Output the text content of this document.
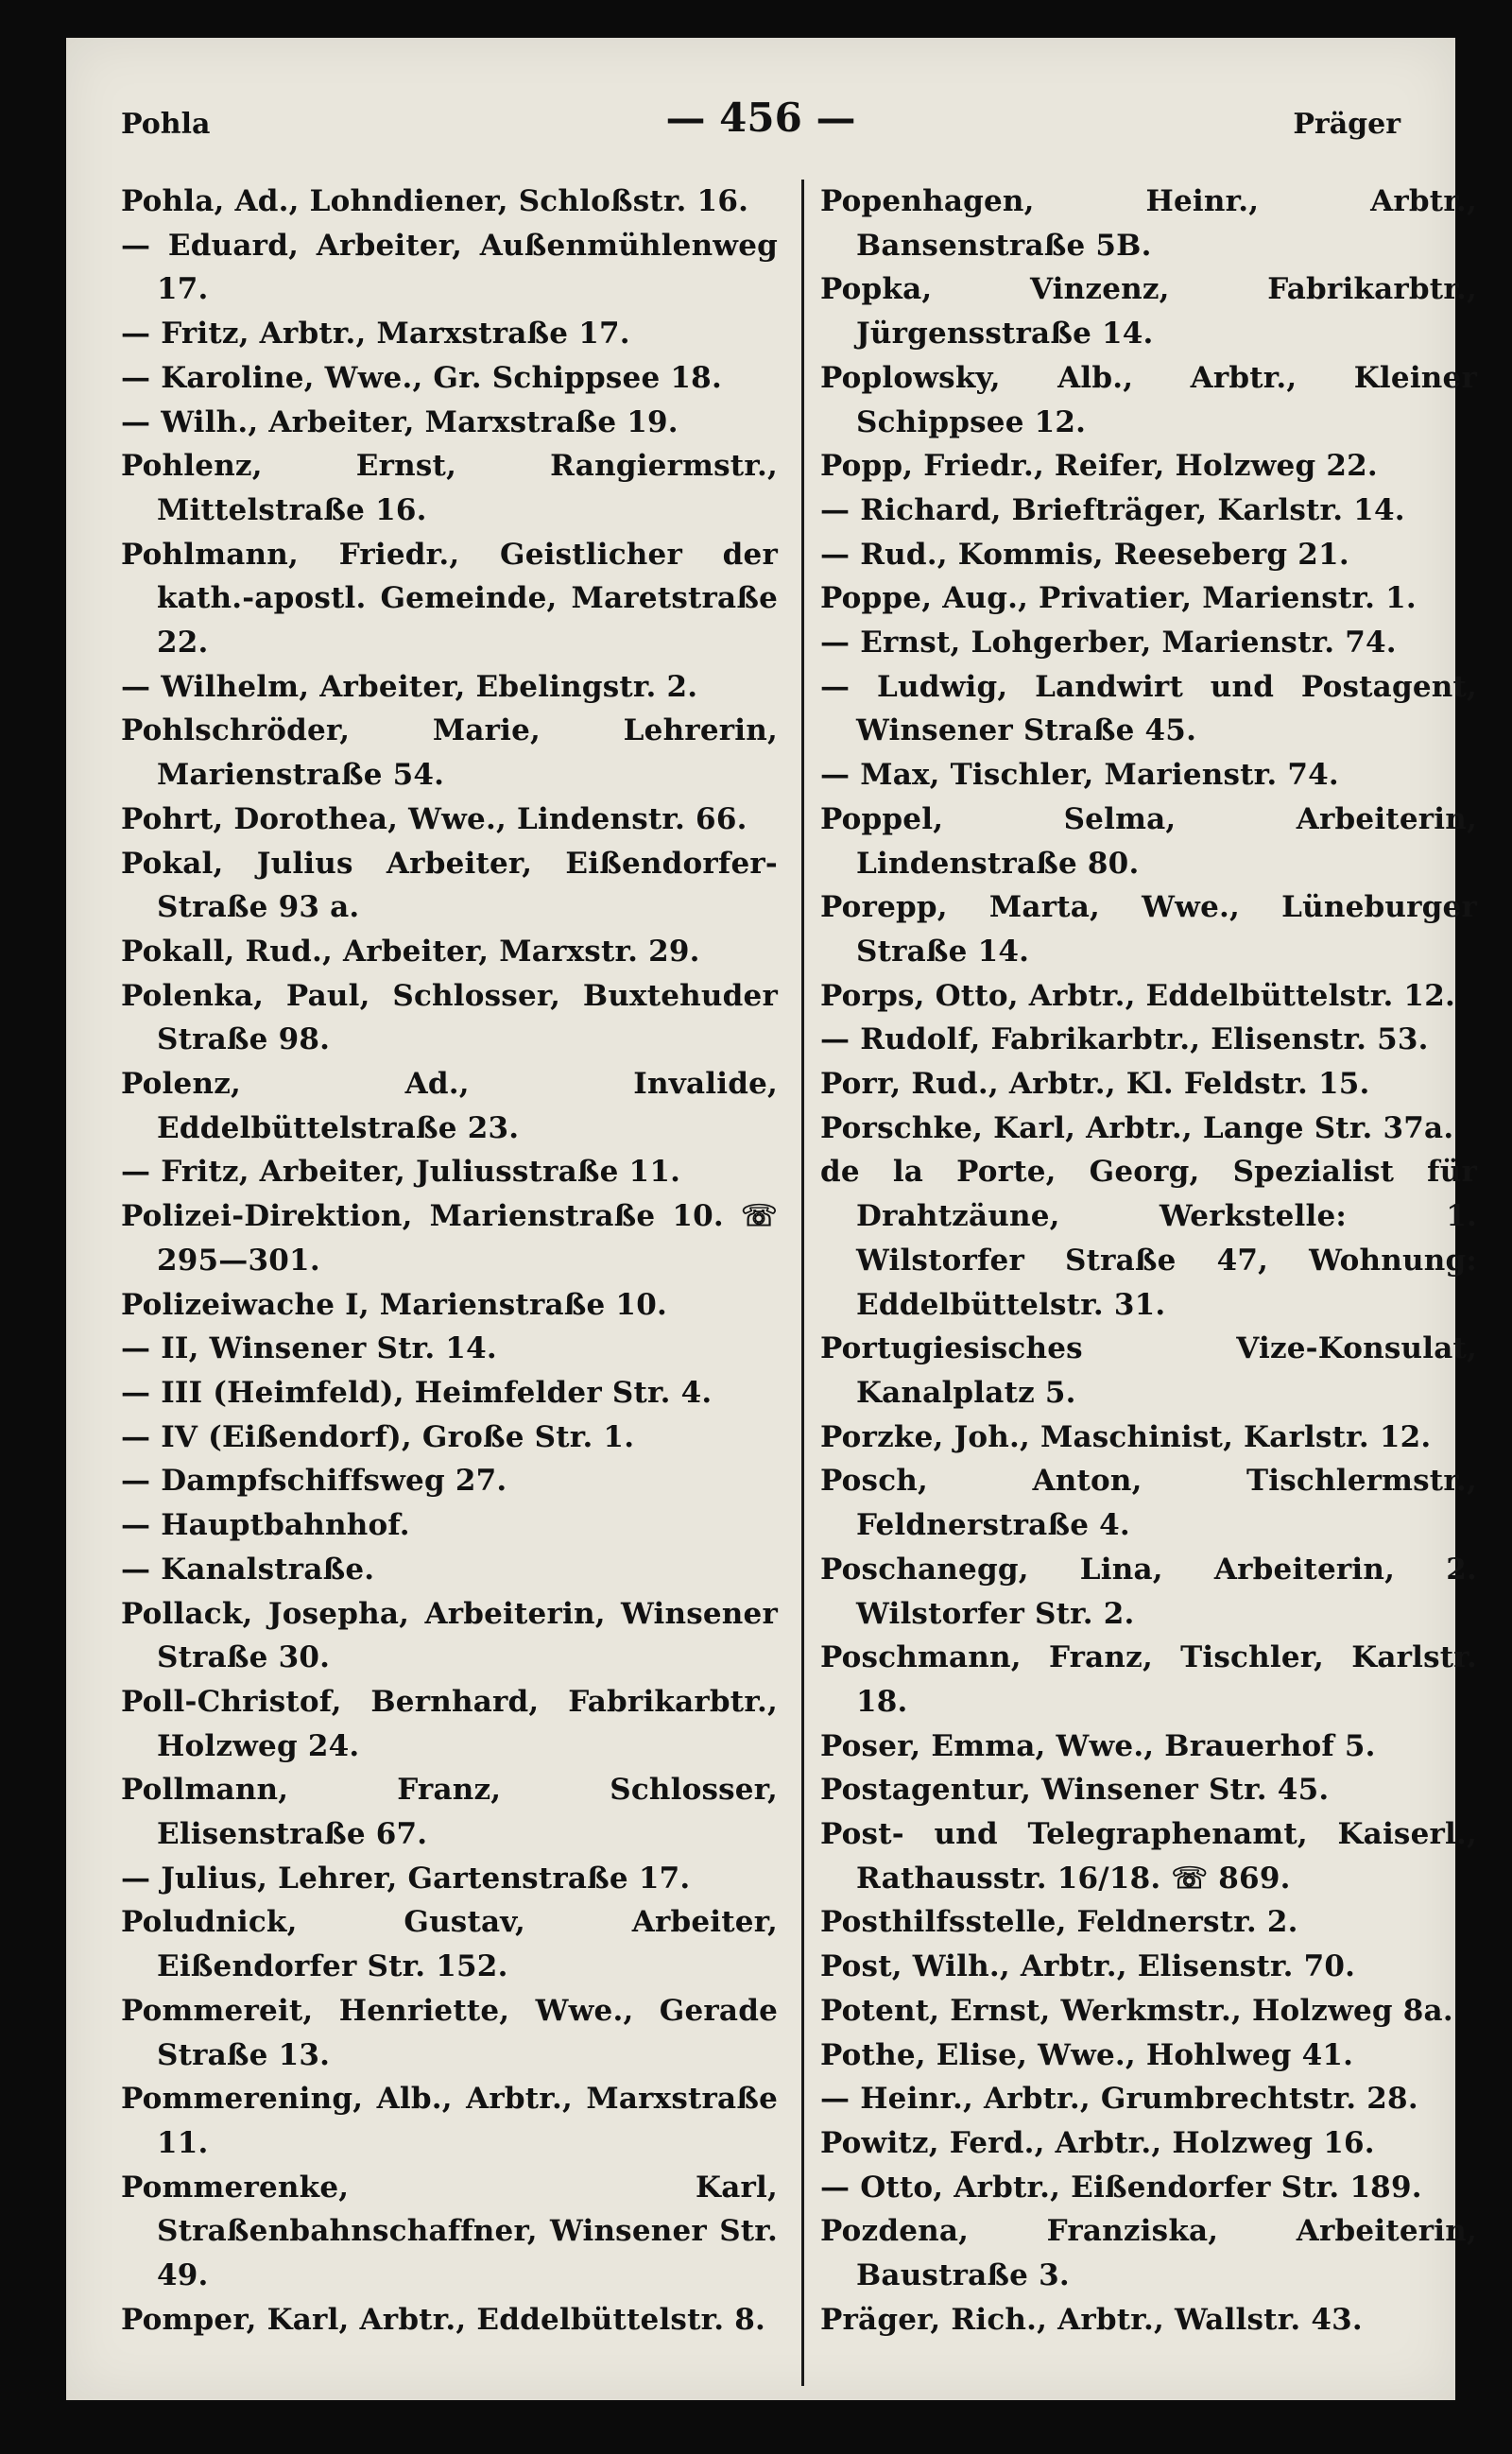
Pohla	— 456 —	Präger
Pohla, Ad., Lohndiener, Schloßstr. 16.
— Eduard, Arbeiter, Außenmühlenweg 17.
— Fritz, Arbtr., Marxstraße 17.
— Karoline, Wwe., Gr. Schippsee 18.
— Wilh., Arbeiter, Marxstraße 19.
Pohlenz, Ernst, Rangiermstr., Mittelstraße 16.
Pohlmann, Friedr., Geistlicher der kath.-apostl. Gemeinde, Maretstraße 22.
— Wilhelm, Arbeiter, Ebelingstr. 2.
Pohlschröder, Marie, Lehrerin, Marienstraße 54.
Pohrt, Dorothea, Wwe., Lindenstr. 66.
Pokal, Julius Arbeiter, Eißendorfer-Straße 93 a.
Pokall, Rud., Arbeiter, Marxstr. 29.
Polenka, Paul, Schlosser, Buxtehuder Straße 98.
Polenz, Ad., Invalide, Eddelbüttelstraße 23.
— Fritz, Arbeiter, Juliusstraße 11.
Polizei-Direktion, Marienstraße 10. ☏ 295—301.
Polizeiwache I, Marienstraße 10.
— II, Winsener Str. 14.
— III (Heimfeld), Heimfelder Str. 4.
— IV (Eißendorf), Große Str. 1.
— Dampfschiffsweg 27.
— Hauptbahnhof.
— Kanalstraße.
Pollack, Josepha, Arbeiterin, Winsener Straße 30.
Poll-Christof, Bernhard, Fabrikarbtr., Holzweg 24.
Pollmann, Franz, Schlosser, Elisenstraße 67.
— Julius, Lehrer, Gartenstraße 17.
Poludnick, Gustav, Arbeiter, Eißendorfer Str. 152.
Pommereit, Henriette, Wwe., Gerade Straße 13.
Pommerening, Alb., Arbtr., Marxstraße 11.
Pommerenke, Karl, Straßenbahnschaffner, Winsener Str. 49.
Pomper, Karl, Arbtr., Eddelbüttelstr. 8.
Popenhagen, Heinr., Arbtr., Bansenstraße 5B.
Popka, Vinzenz, Fabrikarbtr., Jürgensstraße 14.
Poplowsky, Alb., Arbtr., Kleiner Schippsee 12.
Popp, Friedr., Reifer, Holzweg 22.
— Richard, Briefträger, Karlstr. 14.
— Rud., Kommis, Reeseberg 21.
Poppe, Aug., Privatier, Marienstr. 1.
— Ernst, Lohgerber, Marienstr. 74.
— Ludwig, Landwirt und Postagent, Winsener Straße 45.
— Max, Tischler, Marienstr. 74.
Poppel, Selma, Arbeiterin, Lindenstraße 80.
Porepp, Marta, Wwe., Lüneburger Straße 14.
Porps, Otto, Arbtr., Eddelbüttelstr. 12.
— Rudolf, Fabrikarbtr., Elisenstr. 53.
Porr, Rud., Arbtr., Kl. Feldstr. 15.
Porschke, Karl, Arbtr., Lange Str. 37a.
de la Porte, Georg, Spezialist für Drahtzäune, Werkstelle: 1. Wilstorfer Straße 47, Wohnung: Eddelbüttelstr. 31.
Portugiesisches Vize-Konsulat, Kanalplatz 5.
Porzke, Joh., Maschinist, Karlstr. 12.
Posch, Anton, Tischlermstr., Feldnerstraße 4.
Poschanegg, Lina, Arbeiterin, 2. Wilstorfer Str. 2.
Poschmann, Franz, Tischler, Karlstr. 18.
Poser, Emma, Wwe., Brauerhof 5.
Postagentur, Winsener Str. 45.
Post- und Telegraphenamt, Kaiserl., Rathausstr. 16/18. ☏ 869.
Posthilfsstelle, Feldnerstr. 2.
Post, Wilh., Arbtr., Elisenstr. 70.
Potent, Ernst, Werkmstr., Holzweg 8a.
Pothe, Elise, Wwe., Hohlweg 41.
— Heinr., Arbtr., Grumbrechtstr. 28.
Powitz, Ferd., Arbtr., Holzweg 16.
— Otto, Arbtr., Eißendorfer Str. 189.
Pozdena, Franziska, Arbeiterin, Baustraße 3.
Präger, Rich., Arbtr., Wallstr. 43.
